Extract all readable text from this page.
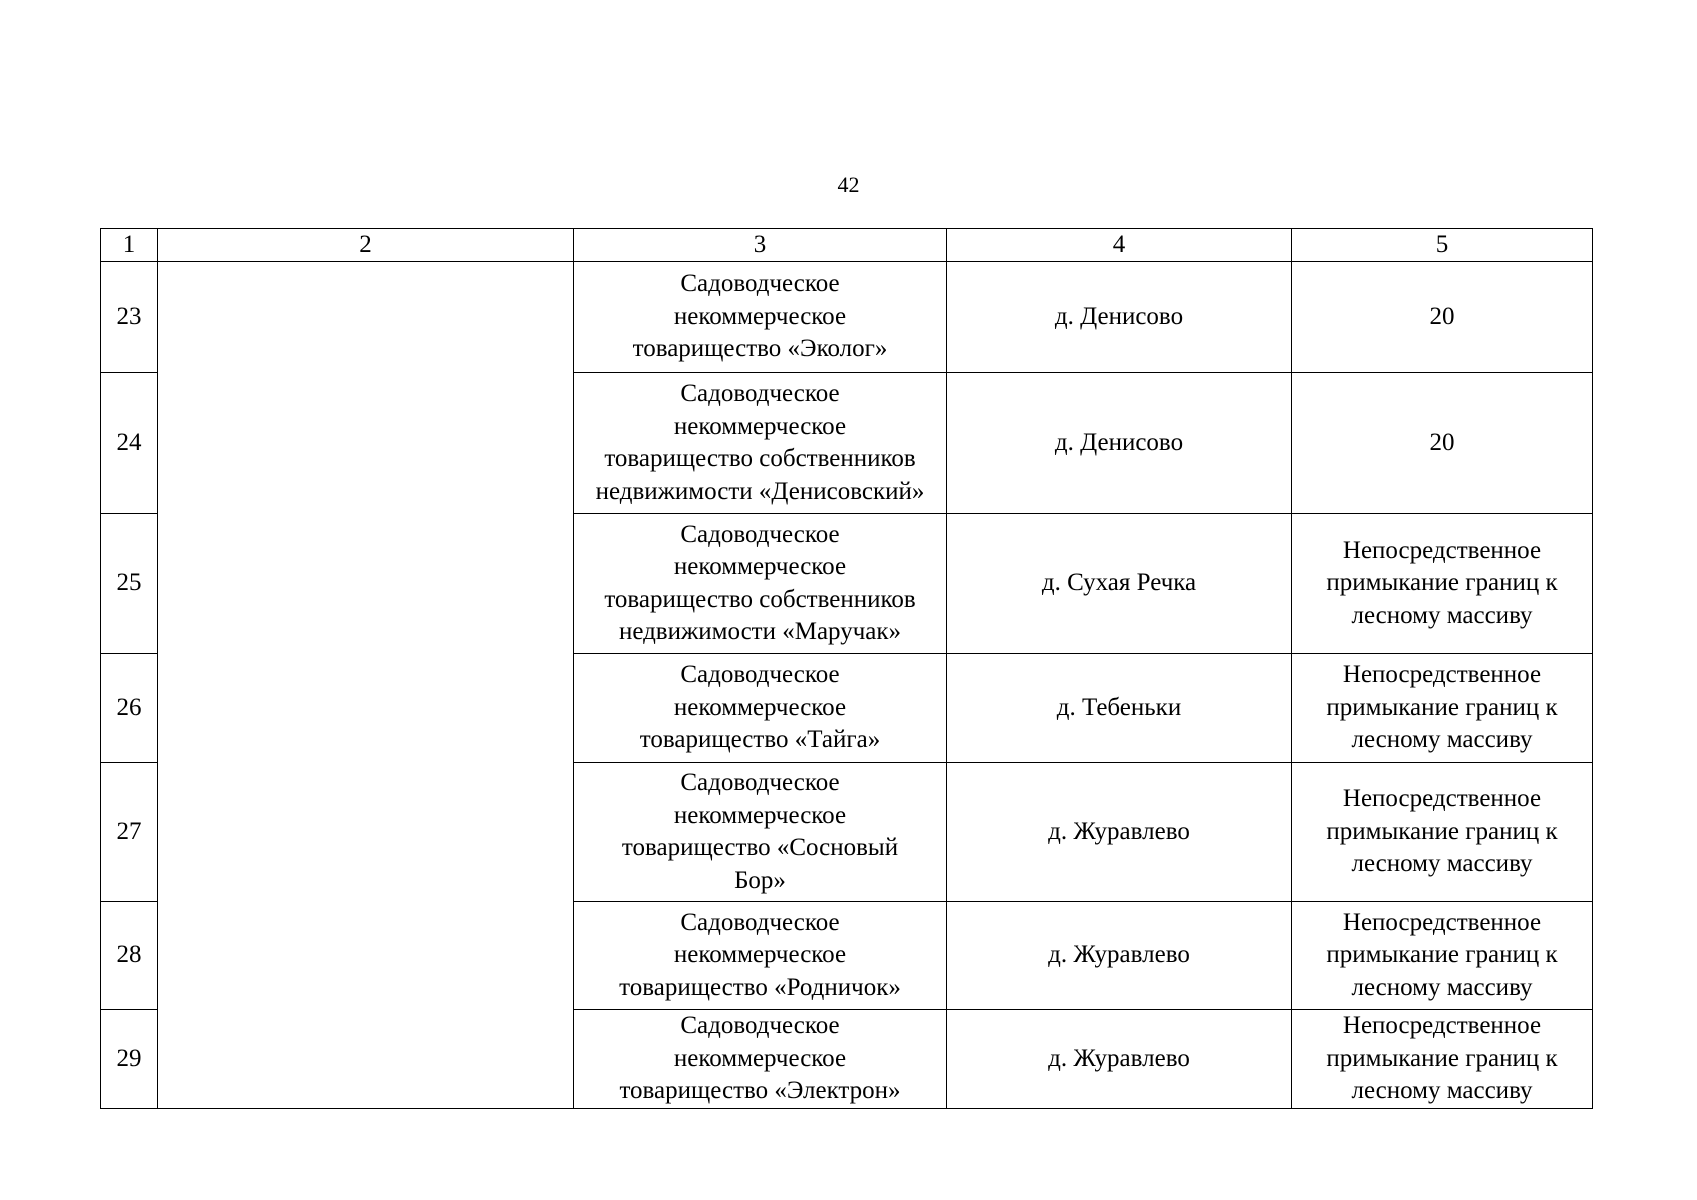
42
1	2	3	4	5
23		Садоводческое
некоммерческое
товарищество «Эколог»	д. Денисово	20

24		Садоводческое
некоммерческое
товарищество собственников
недвижимости «Денисовский»	д. Денисово	20

25		Садоводческое
некоммерческое
товарищество собственников
недвижимости «Маручак»	д. Сухая Речка	Непосредственное
примыкание границ к
лесному массиву

26		Садоводческое
некоммерческое
товарищество «Тайга»	д. Тебеньки	Непосредственное
примыкание границ к
лесному массиву

27		Садоводческое
некоммерческое
товарищество «Сосновый
Бор»	д. Журавлево	Непосредственное
примыкание границ к
лесному массиву

28		Садоводческое
некоммерческое
товарищество «Родничок»	д. Журавлево	Непосредственное
примыкание границ к
лесному массиву

29		Садоводческое
некоммерческое
товарищество «Электрон»	д. Журавлево	Непосредственное
примыкание границ к
лесному массиву
